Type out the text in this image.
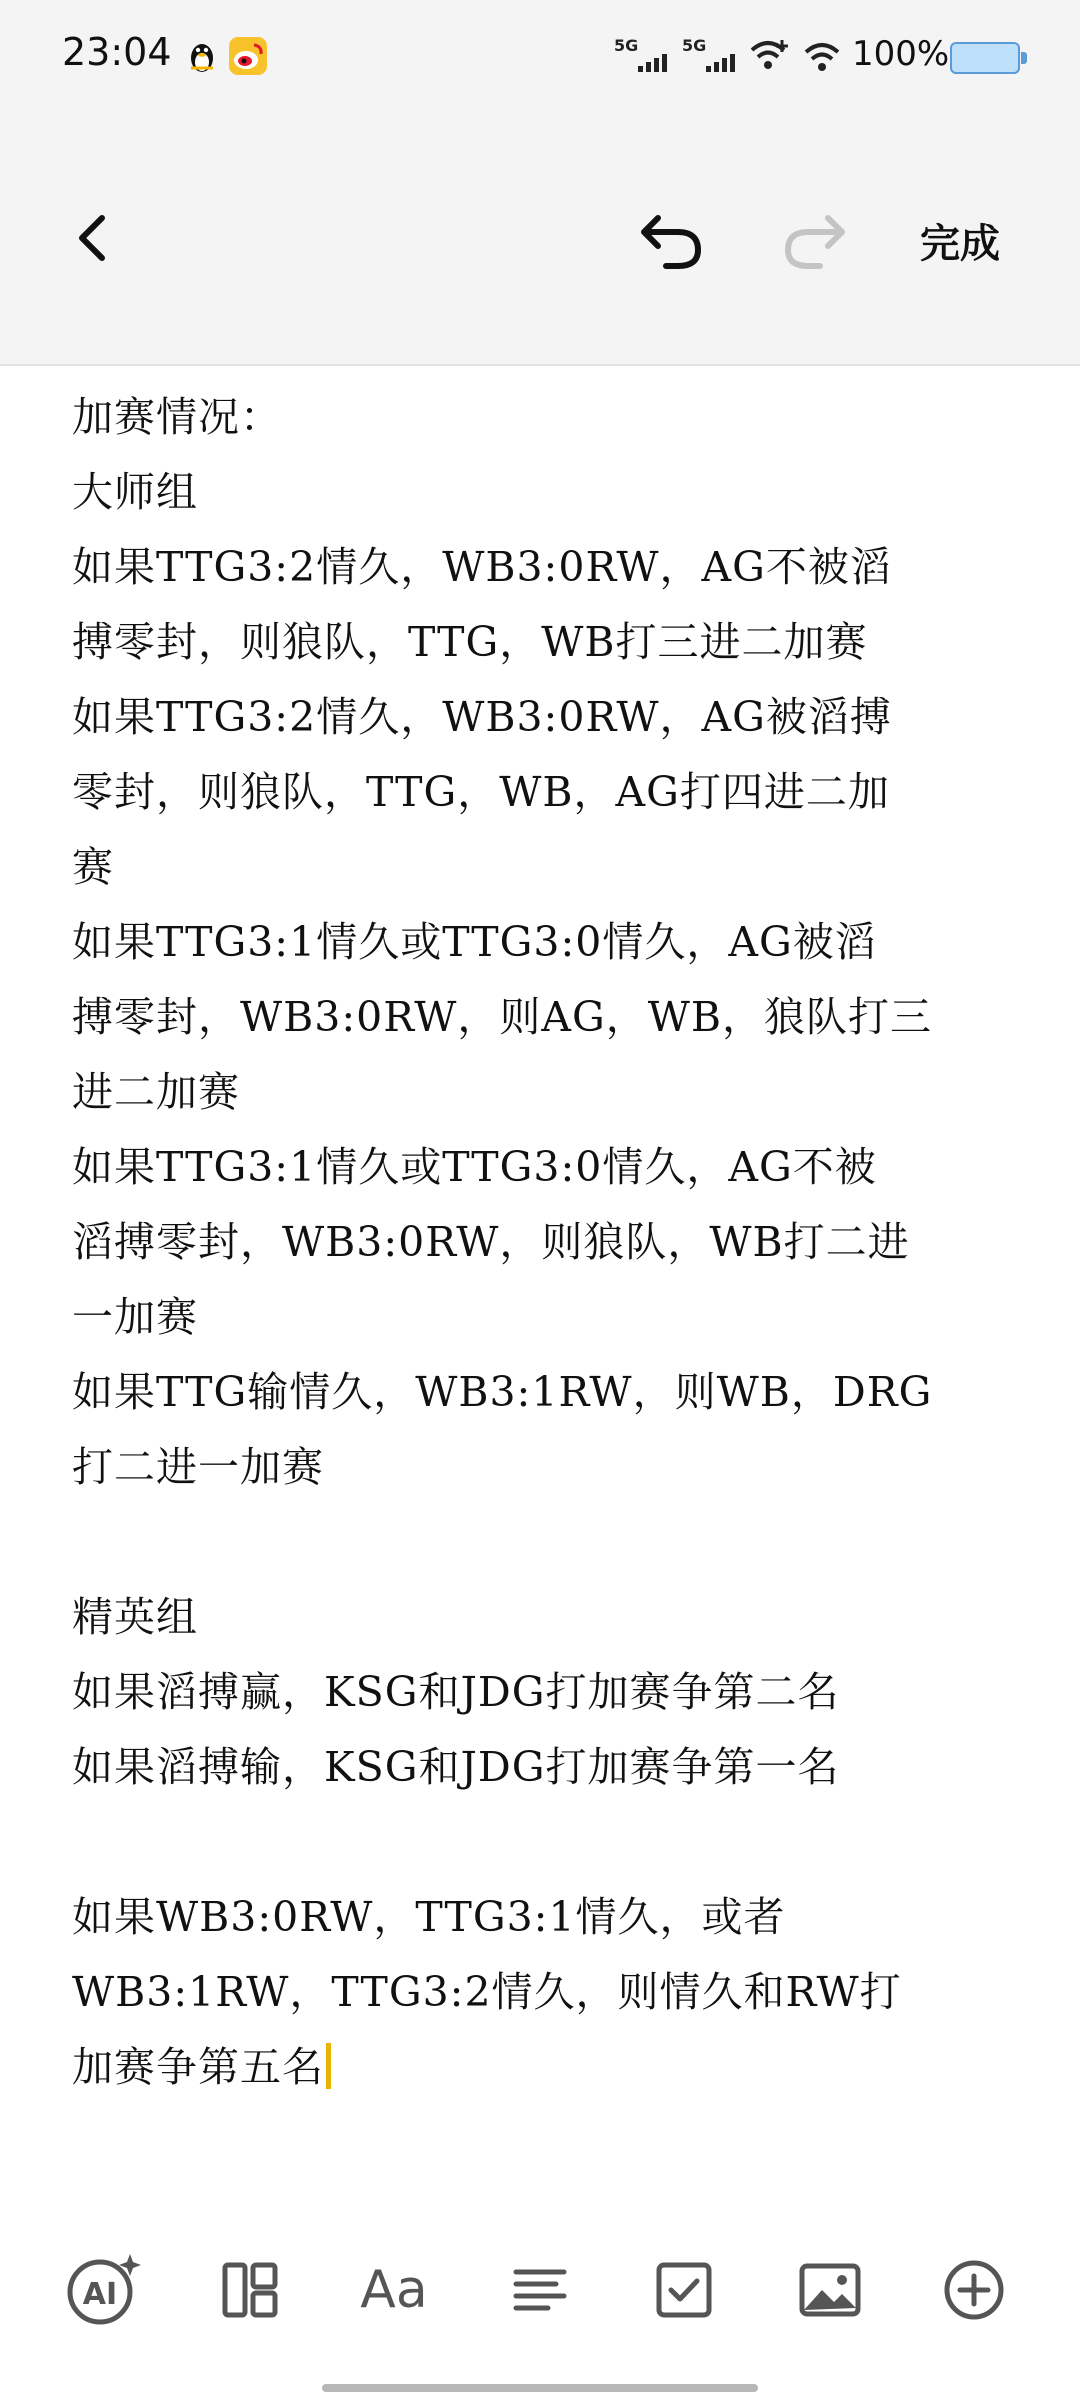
23:04	5G	5G	100%
完成
加赛情况：
大师组
如果TTG3:2情久，WB3:0RW，AG不被滔
搏零封，则狼队，TTG，WB打三进二加赛
如果TTG3:2情久，WB3:0RW，AG被滔搏
零封，则狼队，TTG，WB，AG打四进二加
赛
如果TTG3:1情久或TTG3:0情久，AG被滔
搏零封，WB3:0RW，则AG，WB，狼队打三
进二加赛
如果TTG3:1情久或TTG3:0情久，AG不被
滔搏零封，WB3:0RW，则狼队，WB打二进
一加赛
如果TTG输情久，WB3:1RW，则WB，DRG
打二进一加赛
精英组
如果滔搏赢，KSG和JDG打加赛争第二名
如果滔搏输，KSG和JDG打加赛争第一名
如果WB3:0RW，TTG3:1情久，或者
WB3:1RW，TTG3:2情久，则情久和RW打
加赛争第五名
AI	Aa
